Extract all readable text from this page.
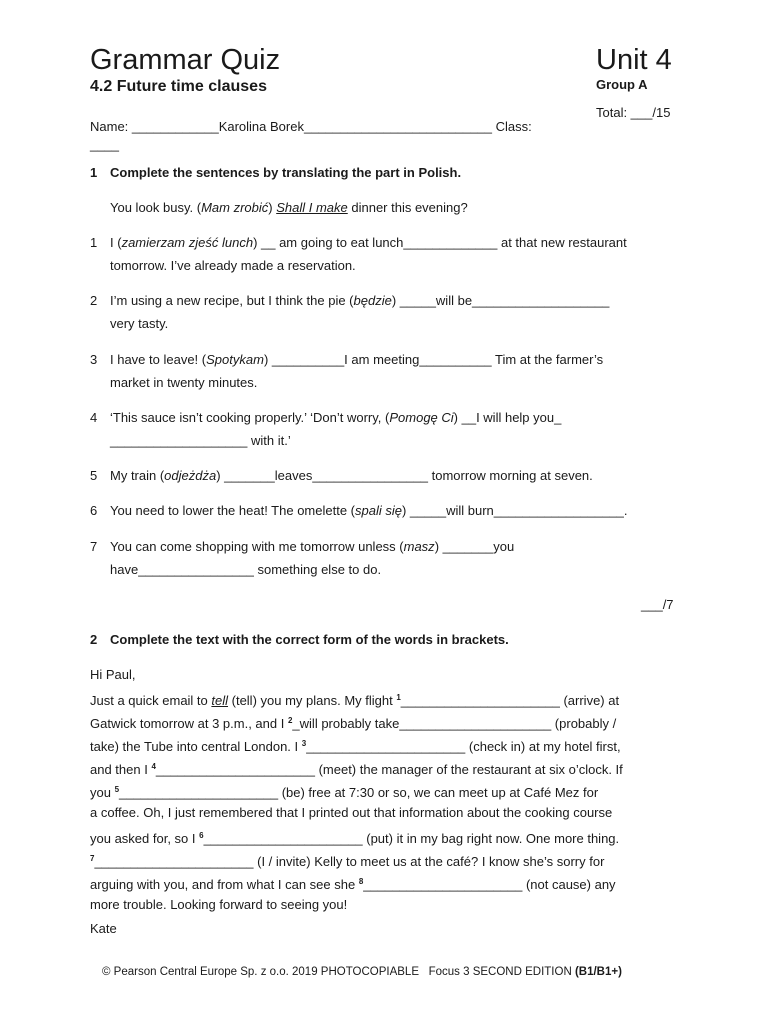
Grammar Quiz	Unit 4
4.2 Future time clauses	Group A
Total: ___/15
Name: ____________Karolina Borek__________________________ Class:
____
1 Complete the sentences by translating the part in Polish.
You look busy. (Mam zrobić) Shall I make dinner this evening?
1 I (zamierzam zjeść lunch) __ am going to eat lunch_____________ at that new restaurant
tomorrow. I’ve already made a reservation.
2 I’m using a new recipe, but I think the pie (będzie) _____will be___________________
very tasty.
3 I have to leave! (Spotykam) __________I am meeting__________ Tim at the farmer’s
market in twenty minutes.
4 ‘This sauce isn’t cooking properly.’ ‘Don’t worry, (Pomogę Ci) __I will help you_
___________________ with it.’
5 My train (odjeżdża) _______leaves________________ tomorrow morning at seven.
6 You need to lower the heat! The omelette (spali się) _____will burn__________________.
7 You can come shopping with me tomorrow unless (masz) _______you
have________________ something else to do.
___/7
2 Complete the text with the correct form of the words in brackets.
Hi Paul,
Just a quick email to tell (tell) you my plans. My flight $^1$______________________ (arrive) at
Gatwick tomorrow at 3 p.m., and I $^2$_will probably take_____________________ (probably /
take) the Tube into central London. I $^3$______________________ (check in) at my hotel first,
and then I $^4$______________________ (meet) the manager of the restaurant at six o’clock. If
you $^5$______________________ (be) free at 7:30 or so, we can meet up at Café Mez for
a coffee. Oh, I just remembered that I printed out that information about the cooking course
you asked for, so I $^6$______________________ (put) it in my bag right now. One more thing.
$^7$______________________ (I / invite) Kelly to meet us at the café? I know she’s sorry for
arguing with you, and from what I can see she $^8$______________________ (not cause) any
more trouble. Looking forward to seeing you!
Kate
© Pearson Central Europe Sp. z o.o. 2019 PHOTOCOPIABLE Focus 3 SECOND EDITION (B1/B1+)
